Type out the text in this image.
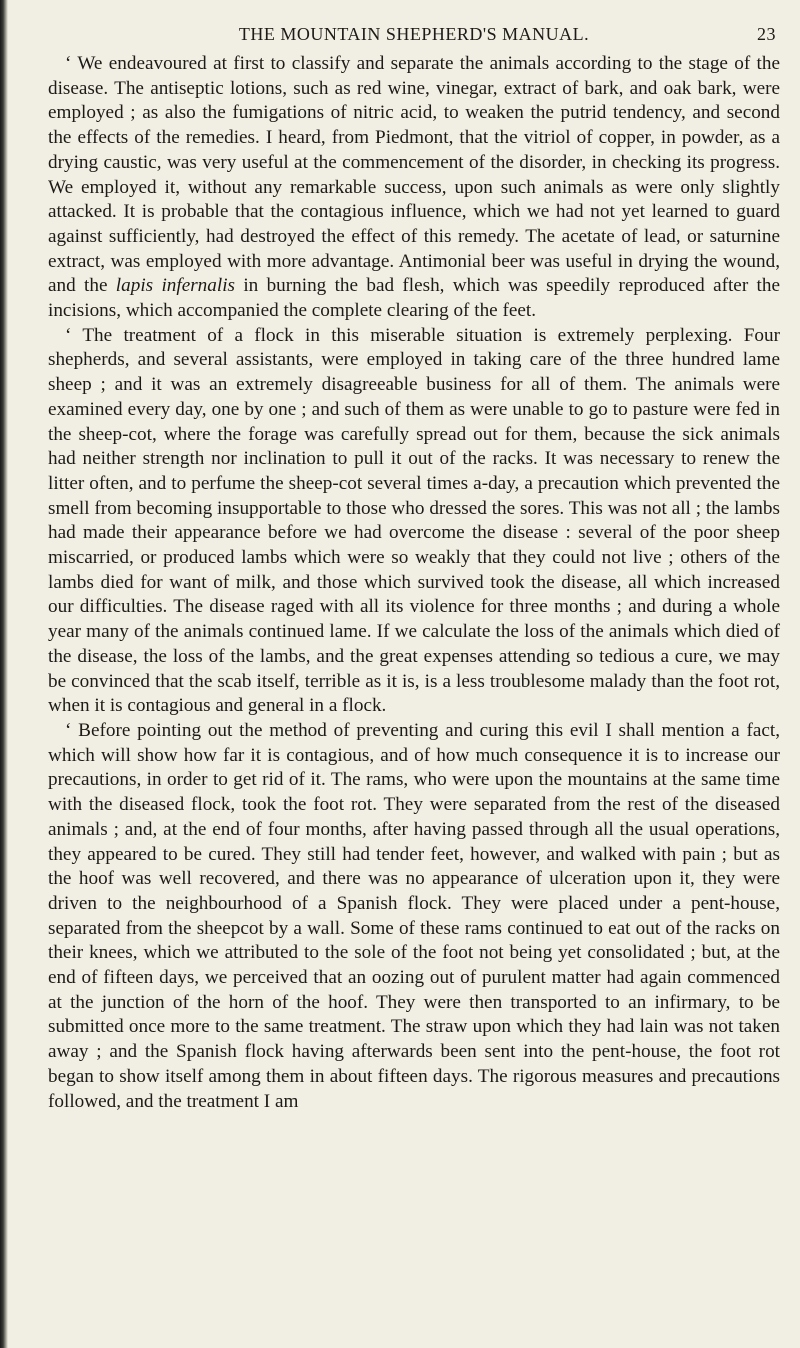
THE MOUNTAIN SHEPHERD'S MANUAL.	23

‘ We endeavoured at first to classify and separate the animals according to the stage of the disease. The antiseptic lotions, such as red wine, vinegar, extract of bark, and oak bark, were employed ; as also the fumigations of nitric acid, to weaken the putrid tendency, and second the effects of the remedies. I heard, from Piedmont, that the vitriol of copper, in powder, as a drying caustic, was very useful at the commencement of the disorder, in checking its progress. We employed it, without any remarkable success, upon such animals as were only slightly attacked. It is probable that the contagious influence, which we had not yet learned to guard against sufficiently, had destroyed the effect of this remedy. The acetate of lead, or saturnine extract, was employed with more advantage. Antimonial beer was useful in drying the wound, and the lapis infernalis in burning the bad flesh, which was speedily reproduced after the incisions, which accompanied the complete clearing of the feet.

‘ The treatment of a flock in this miserable situation is extremely perplexing. Four shepherds, and several assistants, were employed in taking care of the three hundred lame sheep ; and it was an extremely disagreeable business for all of them. The animals were examined every day, one by one ; and such of them as were unable to go to pasture were fed in the sheep-cot, where the forage was carefully spread out for them, because the sick animals had neither strength nor inclination to pull it out of the racks. It was necessary to renew the litter often, and to perfume the sheep-cot several times a-day, a precaution which prevented the smell from becoming insupportable to those who dressed the sores. This was not all ; the lambs had made their appearance before we had overcome the disease : several of the poor sheep miscarried, or produced lambs which were so weakly that they could not live ; others of the lambs died for want of milk, and those which survived took the disease, all which increased our difficulties. The disease raged with all its violence for three months ; and during a whole year many of the animals continued lame. If we calculate the loss of the animals which died of the disease, the loss of the lambs, and the great expenses attending so tedious a cure, we may be convinced that the scab itself, terrible as it is, is a less troublesome malady than the foot rot, when it is contagious and general in a flock.

‘ Before pointing out the method of preventing and curing this evil I shall mention a fact, which will show how far it is contagious, and of how much consequence it is to increase our precautions, in order to get rid of it. The rams, who were upon the mountains at the same time with the diseased flock, took the foot rot. They were separated from the rest of the diseased animals ; and, at the end of four months, after having passed through all the usual operations, they appeared to be cured. They still had tender feet, however, and walked with pain ; but as the hoof was well recovered, and there was no appearance of ulceration upon it, they were driven to the neighbourhood of a Spanish flock. They were placed under a pent-house, separated from the sheepcot by a wall. Some of these rams continued to eat out of the racks on their knees, which we attributed to the sole of the foot not being yet consolidated ; but, at the end of fifteen days, we perceived that an oozing out of purulent matter had again commenced at the junction of the horn of the hoof. They were then transported to an infirmary, to be submitted once more to the same treatment. The straw upon which they had lain was not taken away ; and the Spanish flock having afterwards been sent into the pent-house, the foot rot began to show itself among them in about fifteen days. The rigorous measures and precautions followed, and the treatment I am
